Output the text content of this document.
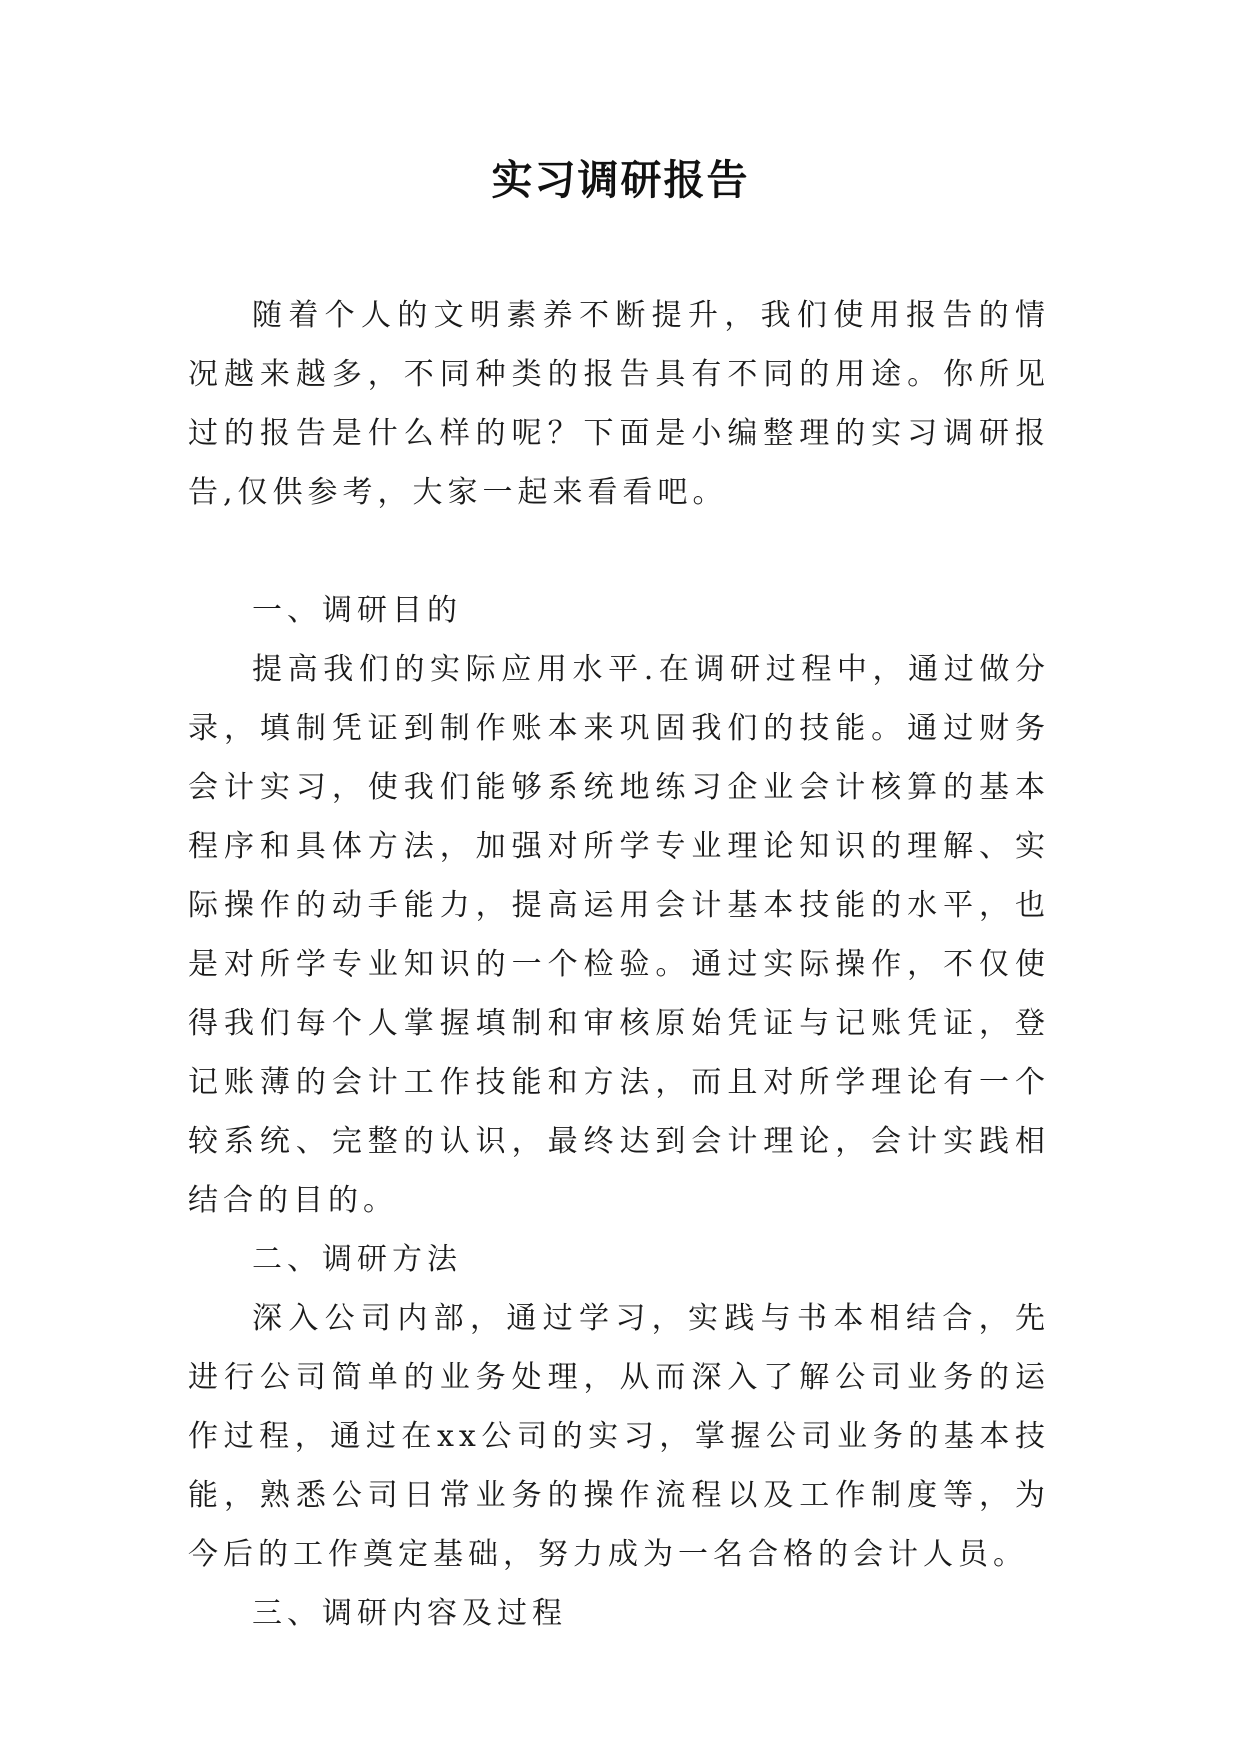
实习调研报告

随着个人的文明素养不断提升，我们使用报告的情况越来越多，不同种类的报告具有不同的用途。你所见过的报告是什么样的呢？下面是小编整理的实习调研报告,仅供参考，大家一起来看看吧。

一、调研目的

提高我们的实际应用水平.在调研过程中，通过做分录，填制凭证到制作账本来巩固我们的技能。通过财务会计实习，使我们能够系统地练习企业会计核算的基本程序和具体方法，加强对所学专业理论知识的理解、实际操作的动手能力，提高运用会计基本技能的水平，也是对所学专业知识的一个检验。通过实际操作，不仅使得我们每个人掌握填制和审核原始凭证与记账凭证，登记账薄的会计工作技能和方法，而且对所学理论有一个较系统、完整的认识，最终达到会计理论，会计实践相结合的目的。

二、调研方法

深入公司内部，通过学习，实践与书本相结合，先进行公司简单的业务处理，从而深入了解公司业务的运作过程，通过在xx公司的实习，掌握公司业务的基本技能，熟悉公司日常业务的操作流程以及工作制度等，为今后的工作奠定基础，努力成为一名合格的会计人员。

三、调研内容及过程
